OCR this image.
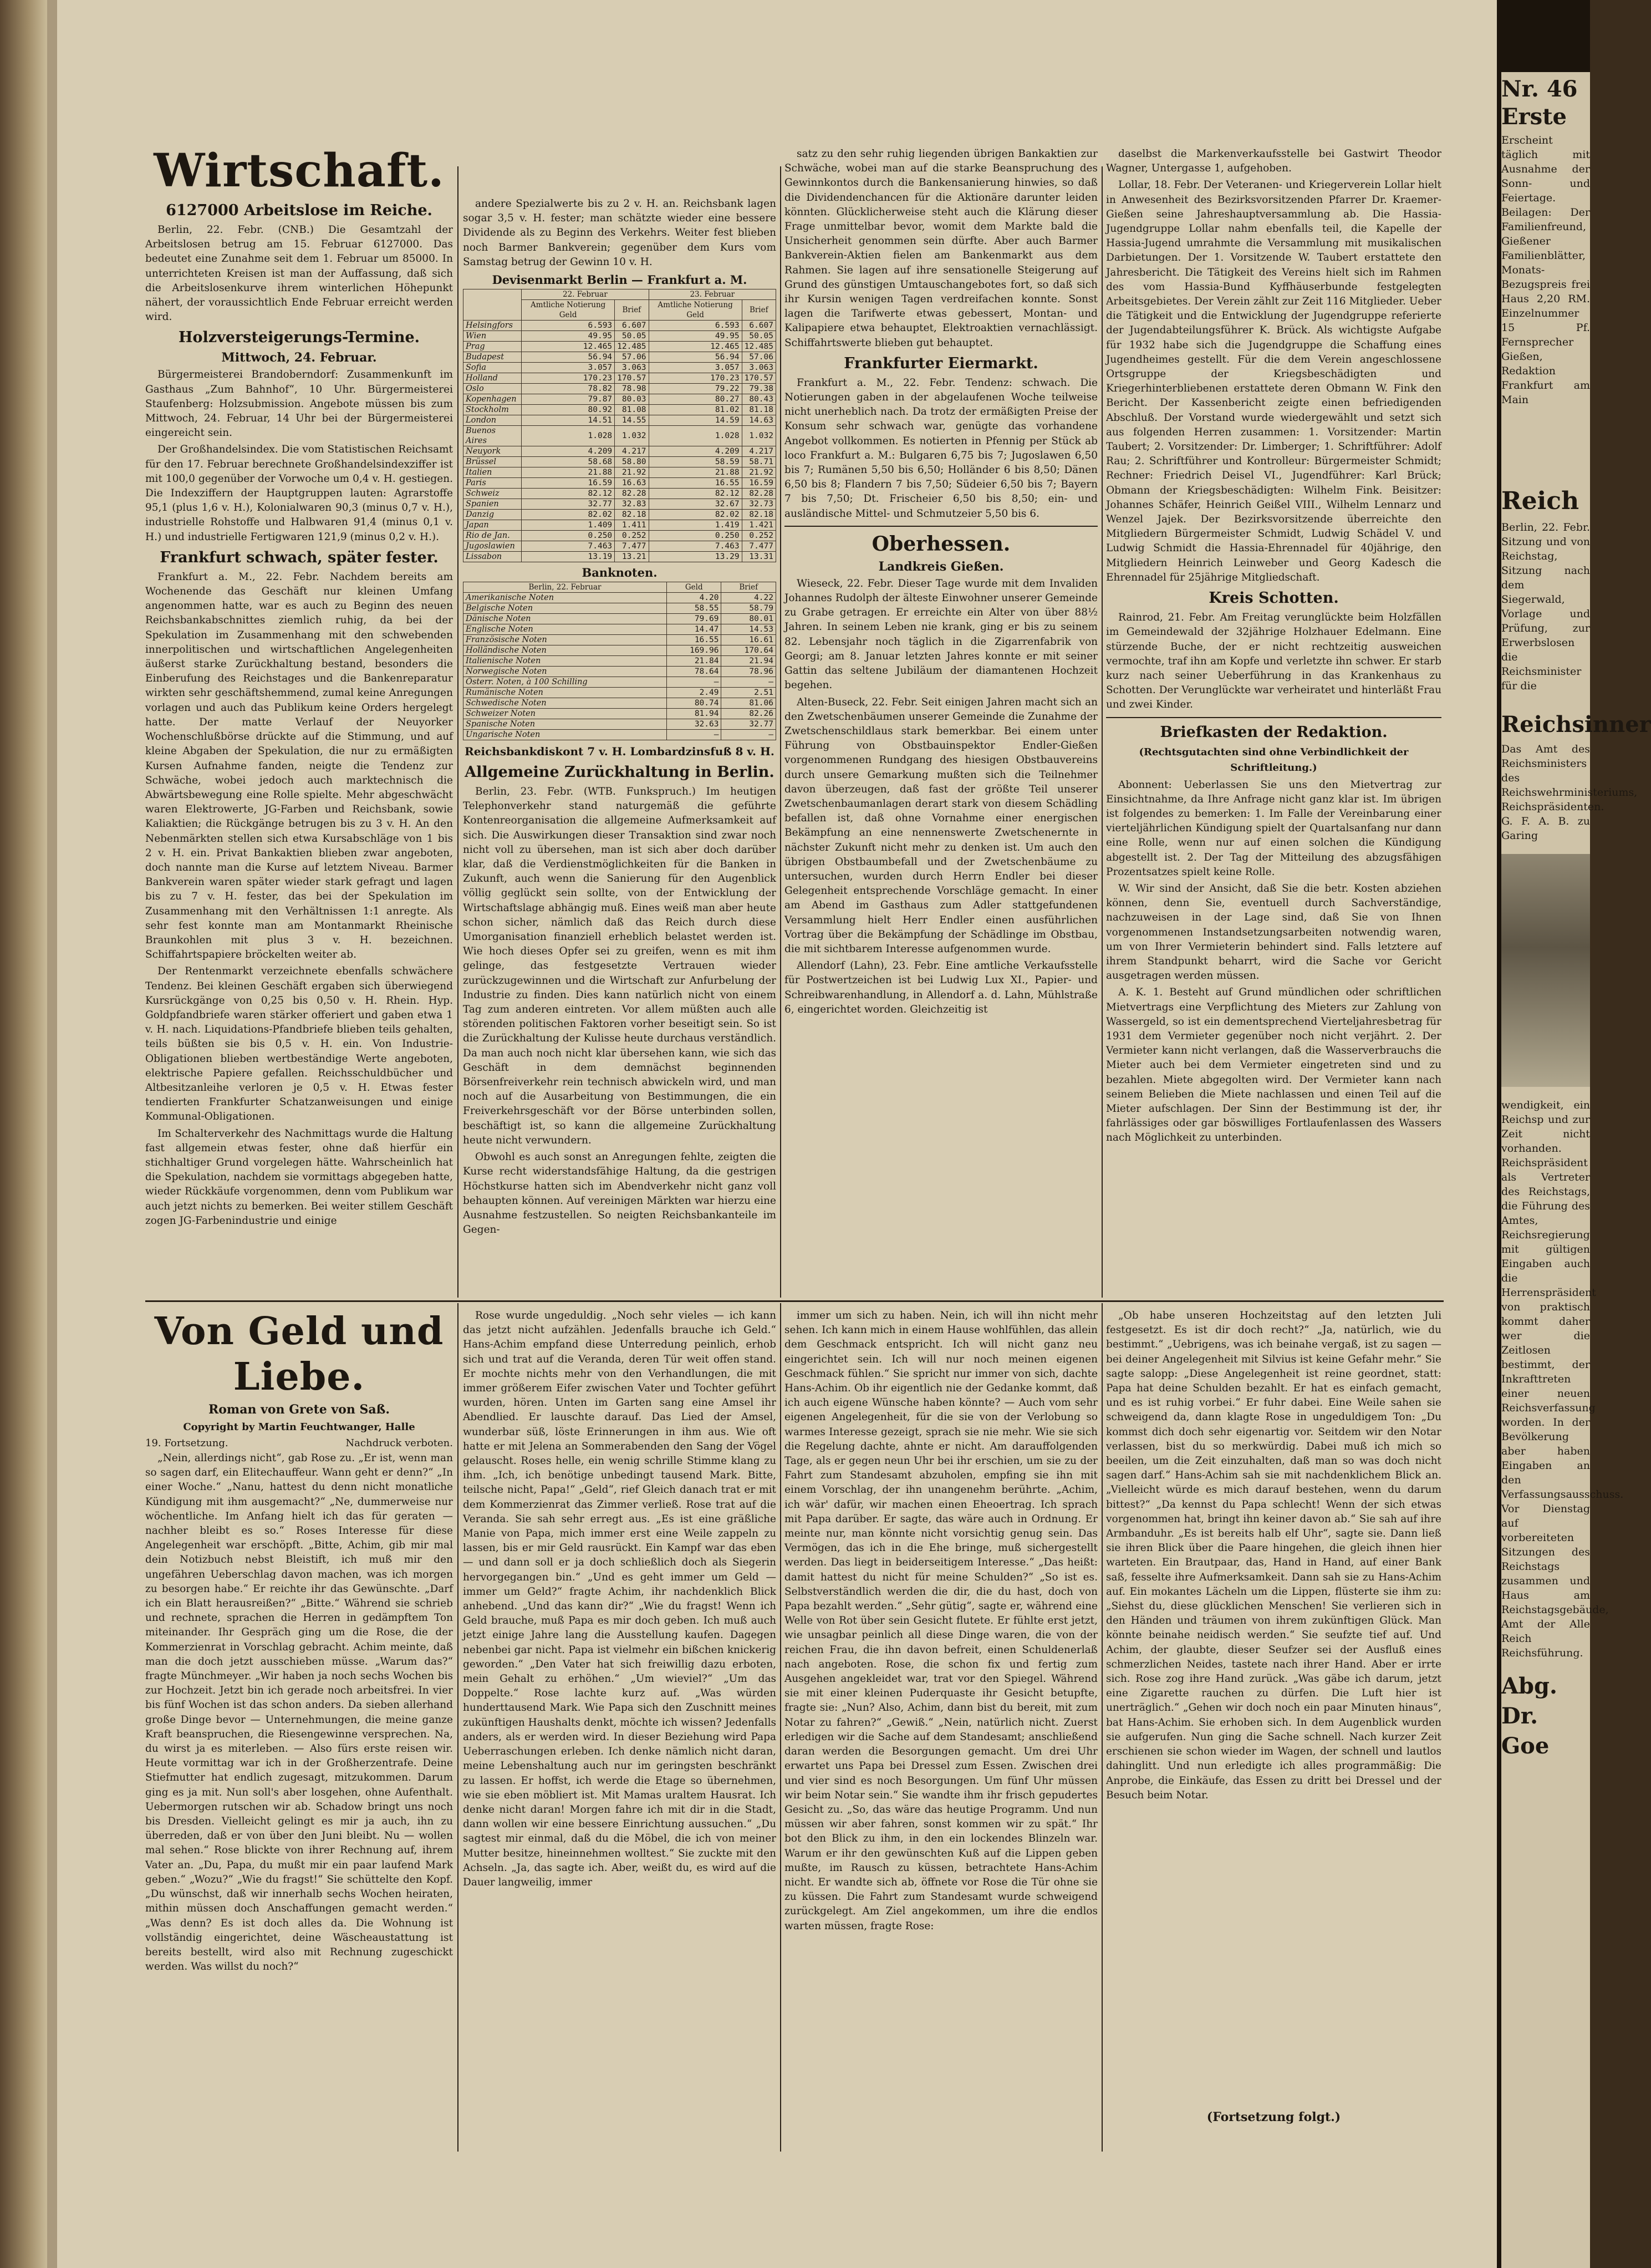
Wirtschaft.
6127000 Arbeitslose im Reiche.

Berlin, 22. Febr. (CNB.) Die Gesamtzahl der Arbeitslosen betrug am 15. Februar 6127000. Das bedeutet eine Zunahme seit dem 1. Februar um 85000. In unterrichteten Kreisen ist man der Auffassung, daß sich die Arbeitslosenkurve ihrem winterlichen Höhepunkt nähert, der voraussichtlich Ende Februar erreicht werden wird.

Holzversteigerungs-Termine.
Mittwoch, 24. Februar.

Bürgermeisterei Brandoberndorf: Zusammenkunft im Gasthaus „Zum Bahnhof“, 10 Uhr. Bürgermeisterei Staufenberg: Holzsubmission. Angebote müssen bis zum Mittwoch, 24. Februar, 14 Uhr bei der Bürgermeisterei eingereicht sein.

Der Großhandelsindex. Die vom Statistischen Reichsamt für den 17. Februar berechnete Großhandelsindexziffer ist mit 100,0 gegenüber der Vorwoche um 0,4 v. H. gestiegen. Die Indexziffern der Hauptgruppen lauten: Agrarstoffe 95,1 (plus 1,6 v. H.), Kolonialwaren 90,3 (minus 0,7 v. H.), industrielle Rohstoffe und Halbwaren 91,4 (minus 0,1 v. H.) und industrielle Fertigwaren 121,9 (minus 0,2 v. H.).

Frankfurt schwach, später fester.

Frankfurt a. M., 22. Febr. Nachdem bereits am Wochenende das Geschäft nur kleinen Umfang angenommen hatte, war es auch zu Beginn des neuen Reichsbankabschnittes ziemlich ruhig, da bei der Spekulation im Zusammenhang mit den schwebenden innerpolitischen und wirtschaftlichen Angelegenheiten äußerst starke Zurückhaltung bestand, besonders die Einberufung des Reichstages und die Bankenreparatur wirkten sehr geschäftshemmend, zumal keine Anregungen vorlagen und auch das Publikum keine Orders hergelegt hatte. Der matte Verlauf der Neuyorker Wochenschlußbörse drückte auf die Stimmung, und auf kleine Abgaben der Spekulation, die nur zu ermäßigten Kursen Aufnahme fanden, neigte die Tendenz zur Schwäche, wobei jedoch auch marktechnisch die Abwärtsbewegung eine Rolle spielte. Mehr abgeschwächt waren Elektrowerte, JG-Farben und Reichsbank, sowie Kaliaktien; die Rückgänge betrugen bis zu 3 v. H. An den Nebenmärkten stellen sich etwa Kursabschläge von 1 bis 2 v. H. ein. Privat Bankaktien blieben zwar angeboten, doch nannte man die Kurse auf letztem Niveau. Barmer Bankverein waren später wieder stark gefragt und lagen bis zu 7 v. H. fester, das bei der Spekulation im Zusammenhang mit den Verhältnissen 1:1 anregte. Als sehr fest konnte man am Montanmarkt Rheinische Braunkohlen mit plus 3 v. H. bezeichnen. Schiffahrtspapiere bröckelten weiter ab.

Der Rentenmarkt verzeichnete ebenfalls schwächere Tendenz. Bei kleinen Geschäft ergaben sich überwiegend Kursrückgänge von 0,25 bis 0,50 v. H. Rhein. Hyp. Goldpfandbriefe waren stärker offeriert und gaben etwa 1 v. H. nach. Liquidations-Pfandbriefe blieben teils gehalten, teils büßten sie bis 0,5 v. H. ein. Von Industrie-Obligationen blieben wertbeständige Werte angeboten, elektrische Papiere gefallen. Reichsschuldbücher und Altbesitzanleihe verloren je 0,5 v. H. Etwas fester tendierten Frankfurter Schatzanweisungen und einige Kommunal-Obligationen.

Im Schalterverkehr des Nachmittags wurde die Haltung fast allgemein etwas fester, ohne daß hierfür ein stichhaltiger Grund vorgelegen hätte. Wahrscheinlich hat die Spekulation, nachdem sie vormittags abgegeben hatte, wieder Rückkäufe vorgenommen, denn vom Publikum war auch jetzt nichts zu bemerken. Bei weiter stillem Geschäft zogen JG-Farbenindustrie und einige

andere Spezialwerte bis zu 2 v. H. an. Reichsbank lagen sogar 3,5 v. H. fester; man schätzte wieder eine bessere Dividende als zu Beginn des Verkehrs. Weiter fest blieben noch Barmer Bankverein; gegenüber dem Kurs vom Samstag betrug der Gewinn 10 v. H.

Devisenmarkt Berlin — Frankfurt a. M.
	22. Februar		23. Februar	
	Amtliche Notierung Geld	Brief	Amtliche Notierung Geld	Brief
Helsingfors	6.593	6.607	6.593	6.607
Wien	49.95	50.05	49.95	50.05
Prag	12.465	12.485	12.465	12.485
Budapest	56.94	57.06	56.94	57.06
Sofia	3.057	3.063	3.057	3.063
Holland	170.23	170.57	170.23	170.57
Oslo	78.82	78.98	79.22	79.38
Kopenhagen	79.87	80.03	80.27	80.43
Stockholm	80.92	81.08	81.02	81.18
London	14.51	14.55	14.59	14.63
Buenos Aires	1.028	1.032	1.028	1.032
Neuyork	4.209	4.217	4.209	4.217
Brüssel	58.68	58.80	58.59	58.71
Italien	21.88	21.92	21.88	21.92
Paris	16.59	16.63	16.55	16.59
Schweiz	82.12	82.28	82.12	82.28
Spanien	32.77	32.83	32.67	32.73
Danzig	82.02	82.18	82.02	82.18
Japan	1.409	1.411	1.419	1.421
Rio de Jan.	0.250	0.252	0.250	0.252
Jugoslawien	7.463	7.477	7.463	7.477
Lissabon	13.19	13.21	13.29	13.31
Banknoten.
Berlin, 22. Februar	Geld	Brief
Amerikanische Noten	4.20	4.22
Belgische Noten	58.55	58.79
Dänische Noten	79.69	80.01
Englische Noten	14.47	14.53
Französische Noten	16.55	16.61
Holländische Noten	169.96	170.64
Italienische Noten	21.84	21.94
Norwegische Noten	78.64	78.96
Österr. Noten, à 100 Schilling	—	—
Rumänische Noten	2.49	2.51
Schwedische Noten	80.74	81.06
Schweizer Noten	81.94	82.26
Spanische Noten	32.63	32.77
Ungarische Noten	—	—
Reichsbankdiskont 7 v. H. Lombardzinsfuß 8 v. H.
Allgemeine Zurückhaltung in Berlin.

Berlin, 23. Febr. (WTB. Funkspruch.) Im heutigen Telephonverkehr stand naturgemäß die geführte Kontenreorganisation die allgemeine Aufmerksamkeit auf sich. Die Auswirkungen dieser Transaktion sind zwar noch nicht voll zu übersehen, man ist sich aber doch darüber klar, daß die Verdienstmöglichkeiten für die Banken in Zukunft, auch wenn die Sanierung für den Augenblick völlig geglückt sein sollte, von der Entwicklung der Wirtschaftslage abhängig muß. Eines weiß man aber heute schon sicher, nämlich daß das Reich durch diese Umorganisation finanziell erheblich belastet werden ist. Wie hoch dieses Opfer sei zu greifen, wenn es mit ihm gelinge, das festgesetzte Vertrauen wieder zurückzugewinnen und die Wirtschaft zur Anfurbelung der Industrie zu finden. Dies kann natürlich nicht von einem Tag zum anderen eintreten. Vor allem müßten auch alle störenden politischen Faktoren vorher beseitigt sein. So ist die Zurückhaltung der Kulisse heute durchaus verständlich. Da man auch noch nicht klar übersehen kann, wie sich das Geschäft in dem demnächst beginnenden Börsenfreiverkehr rein technisch abwickeln wird, und man noch auf die Ausarbeitung von Bestimmungen, die ein Freiverkehrsgeschäft vor der Börse unterbinden sollen, beschäftigt ist, so kann die allgemeine Zurückhaltung heute nicht verwundern.

Obwohl es auch sonst an Anregungen fehlte, zeigten die Kurse recht widerstandsfähige Haltung, da die gestrigen Höchstkurse hatten sich im Abendverkehr nicht ganz voll behaupten können. Auf vereinigen Märkten war hierzu eine Ausnahme festzustellen. So neigten Reichsbankanteile im Gegen-

satz zu den sehr ruhig liegenden übrigen Bankaktien zur Schwäche, wobei man auf die starke Beanspruchung des Gewinnkontos durch die Bankensanierung hinwies, so daß die Dividendenchancen für die Aktionäre darunter leiden könnten. Glücklicherweise steht auch die Klärung dieser Frage unmittelbar bevor, womit dem Markte bald die Unsicherheit genommen sein dürfte. Aber auch Barmer Bankverein-Aktien fielen am Bankenmarkt aus dem Rahmen. Sie lagen auf ihre sensationelle Steigerung auf Grund des günstigen Umtauschangebotes fort, so daß sich ihr Kursin wenigen Tagen verdreifachen konnte. Sonst lagen die Tarifwerte etwas gebessert, Montan- und Kalipapiere etwa behauptet, Elektroaktien vernachlässigt. Schiffahrtswerte blieben gut behauptet.

Frankfurter Eiermarkt.

Frankfurt a. M., 22. Febr. Tendenz: schwach. Die Notierungen gaben in der abgelaufenen Woche teilweise nicht unerheblich nach. Da trotz der ermäßigten Preise der Konsum sehr schwach war, genügte das vorhandene Angebot vollkommen. Es notierten in Pfennig per Stück ab loco Frankfurt a. M.: Bulgaren 6,75 bis 7; Jugoslawen 6,50 bis 7; Rumänen 5,50 bis 6,50; Holländer 6 bis 8,50; Dänen 6,50 bis 8; Flandern 7 bis 7,50; Südeier 6,50 bis 7; Bayern 7 bis 7,50; Dt. Frischeier 6,50 bis 8,50; ein- und ausländische Mittel- und Schmutzeier 5,50 bis 6.

Oberhessen.
Landkreis Gießen.

Wieseck, 22. Febr. Dieser Tage wurde mit dem Invaliden Johannes Rudolph der älteste Einwohner unserer Gemeinde zu Grabe getragen. Er erreichte ein Alter von über 88½ Jahren. In seinem Leben nie krank, ging er bis zu seinem 82. Lebensjahr noch täglich in die Zigarrenfabrik von Georgi; am 8. Januar letzten Jahres konnte er mit seiner Gattin das seltene Jubiläum der diamantenen Hochzeit begehen.

Alten-Buseck, 22. Febr. Seit einigen Jahren macht sich an den Zwetschenbäumen unserer Gemeinde die Zunahme der Zwetschenschildlaus stark bemerkbar. Bei einem unter Führung von Obstbauinspektor Endler-Gießen vorgenommenen Rundgang des hiesigen Obstbauvereins durch unsere Gemarkung mußten sich die Teilnehmer davon überzeugen, daß fast der größte Teil unserer Zwetschenbaumanlagen derart stark von diesem Schädling befallen ist, daß ohne Vornahme einer energischen Bekämpfung an eine nennenswerte Zwetschenernte in nächster Zukunft nicht mehr zu denken ist. Um auch den übrigen Obstbaumbefall und der Zwetschenbäume zu untersuchen, wurden durch Herrn Endler bei dieser Gelegenheit entsprechende Vorschläge gemacht. In einer am Abend im Gasthaus zum Adler stattgefundenen Versammlung hielt Herr Endler einen ausführlichen Vortrag über die Bekämpfung der Schädlinge im Obstbau, die mit sichtbarem Interesse aufgenommen wurde.

Allendorf (Lahn), 23. Febr. Eine amtliche Verkaufsstelle für Postwertzeichen ist bei Ludwig Lux XI., Papier- und Schreibwarenhandlung, in Allendorf a. d. Lahn, Mühlstraße 6, eingerichtet worden. Gleichzeitig ist

daselbst die Markenverkaufsstelle bei Gastwirt Theodor Wagner, Untergasse 1, aufgehoben.

Lollar, 18. Febr. Der Veteranen- und Kriegerverein Lollar hielt in Anwesenheit des Bezirksvorsitzenden Pfarrer Dr. Kraemer-Gießen seine Jahreshauptversammlung ab. Die Hassia-Jugendgruppe Lollar nahm ebenfalls teil, die Kapelle der Hassia-Jugend umrahmte die Versammlung mit musikalischen Darbietungen. Der 1. Vorsitzende W. Taubert erstattete den Jahresbericht. Die Tätigkeit des Vereins hielt sich im Rahmen des vom Hassia-Bund Kyffhäuserbunde festgelegten Arbeitsgebietes. Der Verein zählt zur Zeit 116 Mitglieder. Ueber die Tätigkeit und die Entwicklung der Jugendgruppe referierte der Jugendabteilungsführer K. Brück. Als wichtigste Aufgabe für 1932 habe sich die Jugendgruppe die Schaffung eines Jugendheimes gestellt. Für die dem Verein angeschlossene Ortsgruppe der Kriegsbeschädigten und Kriegerhinterbliebenen erstattete deren Obmann W. Fink den Bericht. Der Kassenbericht zeigte einen befriedigenden Abschluß. Der Vorstand wurde wiedergewählt und setzt sich aus folgenden Herren zusammen: 1. Vorsitzender: Martin Taubert; 2. Vorsitzender: Dr. Limberger; 1. Schriftführer: Adolf Rau; 2. Schriftführer und Kontrolleur: Bürgermeister Schmidt; Rechner: Friedrich Deisel VI., Jugendführer: Karl Brück; Obmann der Kriegsbeschädigten: Wilhelm Fink. Beisitzer: Johannes Schäfer, Heinrich Geißel VIII., Wilhelm Lennarz und Wenzel Jajek. Der Bezirksvorsitzende überreichte den Mitgliedern Bürgermeister Schmidt, Ludwig Schädel V. und Ludwig Schmidt die Hassia-Ehrennadel für 40jährige, den Mitgliedern Heinrich Leinweber und Georg Kadesch die Ehrennadel für 25jährige Mitgliedschaft.

Kreis Schotten.

Rainrod, 21. Febr. Am Freitag verunglückte beim Holzfällen im Gemeindewald der 32jährige Holzhauer Edelmann. Eine stürzende Buche, der er nicht rechtzeitig ausweichen vermochte, traf ihn am Kopfe und verletzte ihn schwer. Er starb kurz nach seiner Ueberführung in das Krankenhaus zu Schotten. Der Verunglückte war verheiratet und hinterläßt Frau und zwei Kinder.

Briefkasten der Redaktion.
(Rechtsgutachten sind ohne Verbindlichkeit der Schriftleitung.)

Abonnent: Ueberlassen Sie uns den Mietvertrag zur Einsichtnahme, da Ihre Anfrage nicht ganz klar ist. Im übrigen ist folgendes zu bemerken: 1. Im Falle der Vereinbarung einer vierteljährlichen Kündigung spielt der Quartalsanfang nur dann eine Rolle, wenn nur auf einen solchen die Kündigung abgestellt ist. 2. Der Tag der Mitteilung des abzugsfähigen Prozentsatzes spielt keine Rolle.

W. Wir sind der Ansicht, daß Sie die betr. Kosten abziehen können, denn Sie, eventuell durch Sachverständige, nachzuweisen in der Lage sind, daß Sie von Ihnen vorgenommenen Instandsetzungsarbeiten notwendig waren, um von Ihrer Vermieterin behindert sind. Falls letztere auf ihrem Standpunkt beharrt, wird die Sache vor Gericht ausgetragen werden müssen.

A. K. 1. Besteht auf Grund mündlichen oder schriftlichen Mietvertrags eine Verpflichtung des Mieters zur Zahlung von Wassergeld, so ist ein dementsprechend Vierteljahresbetrag für 1931 dem Vermieter gegenüber noch nicht verjährt. 2. Der Vermieter kann nicht verlangen, daß die Wasserverbrauchs die Mieter auch bei dem Vermieter eingetreten sind und zu bezahlen. Miete abgegolten wird. Der Vermieter kann nach seinem Belieben die Miete nachlassen und einen Teil auf die Mieter aufschlagen. Der Sinn der Bestimmung ist der, ihr fahrlässiges oder gar böswilliges Fortlaufenlassen des Wassers nach Möglichkeit zu unterbinden.

Von Geld und Liebe.
Roman von Grete von Saß.
Copyright by Martin Feuchtwanger, Halle
19. Fortsetzung.	Nachdruck verboten.

„Nein, allerdings nicht“, gab Rose zu. „Er ist, wenn man so sagen darf, ein Elitechauffeur. Wann geht er denn?“ „In einer Woche.“ „Nanu, hattest du denn nicht monatliche Kündigung mit ihm ausgemacht?“ „Ne, dummerweise nur wöchentliche. Im Anfang hielt ich das für geraten — nachher bleibt es so.“ Roses Interesse für diese Angelegenheit war erschöpft. „Bitte, Achim, gib mir mal dein Notizbuch nebst Bleistift, ich muß mir den ungefähren Ueberschlag davon machen, was ich morgen zu besorgen habe.“ Er reichte ihr das Gewünschte. „Darf ich ein Blatt herausreißen?“ „Bitte.“ Während sie schrieb und rechnete, sprachen die Herren in gedämpftem Ton miteinander. Ihr Gespräch ging um die Rose, die der Kommerzienrat in Vorschlag gebracht. Achim meinte, daß man die doch jetzt ausschieben müsse. „Warum das?“ fragte Münchmeyer. „Wir haben ja noch sechs Wochen bis zur Hochzeit. Jetzt bin ich gerade noch arbeitsfrei. In vier bis fünf Wochen ist das schon anders. Da sieben allerhand große Dinge bevor — Unternehmungen, die meine ganze Kraft beanspruchen, die Riesengewinne versprechen. Na, du wirst ja es miterleben. — Also fürs erste reisen wir. Heute vormittag war ich in der Großherzentrafe. Deine Stiefmutter hat endlich zugesagt, mitzukommen. Darum ging es ja mit. Nun soll's aber losgehen, ohne Aufenthalt. Uebermorgen rutschen wir ab. Schadow bringt uns noch bis Dresden. Vielleicht gelingt es mir ja auch, ihn zu überreden, daß er von über den Juni bleibt. Nu — wollen mal sehen.“ Rose blickte von ihrer Rechnung auf, ihrem Vater an. „Du, Papa, du mußt mir ein paar laufend Mark geben.“ „Wozu?“ „Wie du fragst!“ Sie schüttelte den Kopf. „Du wünschst, daß wir innerhalb sechs Wochen heiraten, mithin müssen doch Anschaffungen gemacht werden.“ „Was denn? Es ist doch alles da. Die Wohnung ist vollständig eingerichtet, deine Wäscheaustattung ist bereits bestellt, wird also mit Rechnung zugeschickt werden. Was willst du noch?“

Rose wurde ungeduldig. „Noch sehr vieles — ich kann das jetzt nicht aufzählen. Jedenfalls brauche ich Geld.“ Hans-Achim empfand diese Unterredung peinlich, erhob sich und trat auf die Veranda, deren Tür weit offen stand. Er mochte nichts mehr von den Verhandlungen, die mit immer größerem Eifer zwischen Vater und Tochter geführt wurden, hören. Unten im Garten sang eine Amsel ihr Abendlied. Er lauschte darauf. Das Lied der Amsel, wunderbar süß, löste Erinnerungen in ihm aus. Wie oft hatte er mit Jelena an Sommerabenden den Sang der Vögel gelauscht. Roses helle, ein wenig schrille Stimme klang zu ihm. „Ich, ich benötige unbedingt tausend Mark. Bitte, teilsche nicht, Papa!“ „Geld“, rief Gleich danach trat er mit dem Kommerzienrat das Zimmer verließ. Rose trat auf die Veranda. Sie sah sehr erregt aus. „Es ist eine gräßliche Manie von Papa, mich immer erst eine Weile zappeln zu lassen, bis er mir Geld rausrückt. Ein Kampf war das eben — und dann soll er ja doch schließlich doch als Siegerin hervorgegangen bin.“ „Und es geht immer um Geld — immer um Geld?“ fragte Achim, ihr nachdenklich Blick anhebend. „Und das kann dir?“ „Wie du fragst! Wenn ich Geld brauche, muß Papa es mir doch geben. Ich muß auch jetzt einige Jahre lang die Ausstellung kaufen. Dagegen nebenbei gar nicht. Papa ist vielmehr ein bißchen knickerig geworden.“ „Den Vater hat sich freiwillig dazu erboten, mein Gehalt zu erhöhen.“ „Um wieviel?“ „Um das Doppelte.“ Rose lachte kurz auf. „Was würden hunderttausend Mark. Wie Papa sich den Zuschnitt meines zukünftigen Haushalts denkt, möchte ich wissen? Jedenfalls anders, als er werden wird. In dieser Beziehung wird Papa Ueberraschungen erleben. Ich denke nämlich nicht daran, meine Lebenshaltung auch nur im geringsten beschränkt zu lassen. Er hoffst, ich werde die Etage so übernehmen, wie sie eben möbliert ist. Mit Mamas uraltem Hausrat. Ich denke nicht daran! Morgen fahre ich mit dir in die Stadt, dann wollen wir eine bessere Einrichtung aussuchen.“ „Du sagtest mir einmal, daß du die Möbel, die ich von meiner Mutter besitze, hineinnehmen wolltest.“ Sie zuckte mit den Achseln. „Ja, das sagte ich. Aber, weißt du, es wird auf die Dauer langweilig, immer

immer um sich zu haben. Nein, ich will ihn nicht mehr sehen. Ich kann mich in einem Hause wohlfühlen, das allein dem Geschmack entspricht. Ich will nicht ganz neu eingerichtet sein. Ich will nur noch meinen eigenen Geschmack fühlen.“ Sie spricht nur immer von sich, dachte Hans-Achim. Ob ihr eigentlich nie der Gedanke kommt, daß ich auch eigene Wünsche haben könnte? — Auch vom sehr eigenen Angelegenheit, für die sie von der Verlobung so warmes Interesse gezeigt, sprach sie nie mehr. Wie sie sich die Regelung dachte, ahnte er nicht. Am darauffolgenden Tage, als er gegen neun Uhr bei ihr erschien, um sie zu der Fahrt zum Standesamt abzuholen, empfing sie ihn mit einem Vorschlag, der ihn unangenehm berührte. „Achim, ich wär' dafür, wir machen einen Eheoertrag. Ich sprach mit Papa darüber. Er sagte, das wäre auch in Ordnung. Er meinte nur, man könnte nicht vorsichtig genug sein. Das Vermögen, das ich in die Ehe bringe, muß sichergestellt werden. Das liegt in beiderseitigem Interesse.“ „Das heißt: damit hattest du nicht für meine Schulden?“ „So ist es. Selbstverständlich werden die dir, die du hast, doch von Papa bezahlt werden.“ „Sehr gütig“, sagte er, während eine Welle von Rot über sein Gesicht flutete. Er fühlte erst jetzt, wie unsagbar peinlich all diese Dinge waren, die von der reichen Frau, die ihn davon befreit, einen Schuldenerlaß nach angeboten. Rose, die schon fix und fertig zum Ausgehen angekleidet war, trat vor den Spiegel. Während sie mit einer kleinen Puderquaste ihr Gesicht betupfte, fragte sie: „Nun? Also, Achim, dann bist du bereit, mit zum Notar zu fahren?“ „Gewiß.“ „Nein, natürlich nicht. Zuerst erledigen wir die Sache auf dem Standesamt; anschließend daran werden die Besorgungen gemacht. Um drei Uhr erwartet uns Papa bei Dressel zum Essen. Zwischen drei und vier sind es noch Besorgungen. Um fünf Uhr müssen wir beim Notar sein.“ Sie wandte ihm ihr frisch gepudertes Gesicht zu. „So, das wäre das heutige Programm. Und nun müssen wir aber fahren, sonst kommen wir zu spät.“ Ihr bot den Blick zu ihm, in den ein lockendes Blinzeln war. Warum er ihr den gewünschten Kuß auf die Lippen geben mußte, im Rausch zu küssen, betrachtete Hans-Achim nicht. Er wandte sich ab, öffnete vor Rose die Tür ohne sie zu küssen. Die Fahrt zum Standesamt wurde schweigend zurückgelegt. Am Ziel angekommen, um ihre die endlos warten müssen, fragte Rose:

„Ob habe unseren Hochzeitstag auf den letzten Juli festgesetzt. Es ist dir doch recht?“ „Ja, natürlich, wie du bestimmt.“ „Uebrigens, was ich beinahe vergaß, ist zu sagen — bei deiner Angelegenheit mit Silvius ist keine Gefahr mehr.“ Sie sagte salopp: „Diese Angelegenheit ist reine geordnet, statt: Papa hat deine Schulden bezahlt. Er hat es einfach gemacht, und es ist ruhig vorbei.“ Er fuhr dabei. Eine Weile sahen sie schweigend da, dann klagte Rose in ungeduldigem Ton: „Du kommst dich doch sehr eigenartig vor. Seitdem wir den Notar verlassen, bist du so merkwürdig. Dabei muß ich mich so beeilen, um die Zeit einzuhalten, daß man so was doch nicht sagen darf.“ Hans-Achim sah sie mit nachdenklichem Blick an. „Vielleicht würde es mich darauf bestehen, wenn du darum bittest?“ „Da kennst du Papa schlecht! Wenn der sich etwas vorgenommen hat, bringt ihn keiner davon ab.“ Sie sah auf ihre Armbanduhr. „Es ist bereits halb elf Uhr“, sagte sie. Dann ließ sie ihren Blick über die Paare hingehen, die gleich ihnen hier warteten. Ein Brautpaar, das, Hand in Hand, auf einer Bank saß, fesselte ihre Aufmerksamkeit. Dann sah sie zu Hans-Achim auf. Ein mokantes Lächeln um die Lippen, flüsterte sie ihm zu: „Siehst du, diese glücklichen Menschen! Sie verlieren sich in den Händen und träumen von ihrem zukünftigen Glück. Man könnte beinahe neidisch werden.“ Sie seufzte tief auf. Und Achim, der glaubte, dieser Seufzer sei der Ausfluß eines schmerzlichen Neides, tastete nach ihrer Hand. Aber er irrte sich. Rose zog ihre Hand zurück. „Was gäbe ich darum, jetzt eine Zigarette rauchen zu dürfen. Die Luft hier ist unerträglich.“ „Gehen wir doch noch ein paar Minuten hinaus“, bat Hans-Achim. Sie erhoben sich. In dem Augenblick wurden sie aufgerufen. Nun ging die Sache schnell. Nach kurzer Zeit erschienen sie schon wieder im Wagen, der schnell und lautlos dahinglitt. Und nun erledigte ich alles programmäßig: Die Anprobe, die Einkäufe, das Essen zu dritt bei Dressel und der Besuch beim Notar.

(Fortsetzung folgt.)
Nr. 46 Erste
Erscheint täglich mit Ausnahme der Sonn- und Feiertage. Beilagen: Der Familienfreund, Gießener Familienblätter, Monats-Bezugspreis frei Haus 2,20 RM. Einzelnummer 15 Pf. Fernsprecher Gießen, Redaktion Frankfurt am Main
Reich
Berlin, 22. Febr. Sitzung und von Reichstag, Sitzung nach dem Siegerwald, Vorlage und Prüfung, zur Erwerbslosen die Reichsminister für die
Reichsinner
Das Amt des Reichsministers des Reichswehrministeriums, Reichspräsidenten. G. F. A. B. zu Garing
wendigkeit, ein Reichsp und zur Zeit nicht vorhanden. Reichspräsident als Vertreter des Reichstags, die Führung des Amtes, Reichsregierung mit gültigen Eingaben auch die Herrenspräsident von praktisch kommt daher wer die Zeitlosen bestimmt, der Inkrafttreten einer neuen Reichsverfassung worden. In der Bevölkerung aber haben Eingaben an den Verfassungsausschuss. Vor Dienstag auf vorbereiteten Sitzungen des Reichstags zusammen und Haus am Reichstagsgebäude, Amt der Alle Reich Reichsführung.
Abg. Dr. Goe
